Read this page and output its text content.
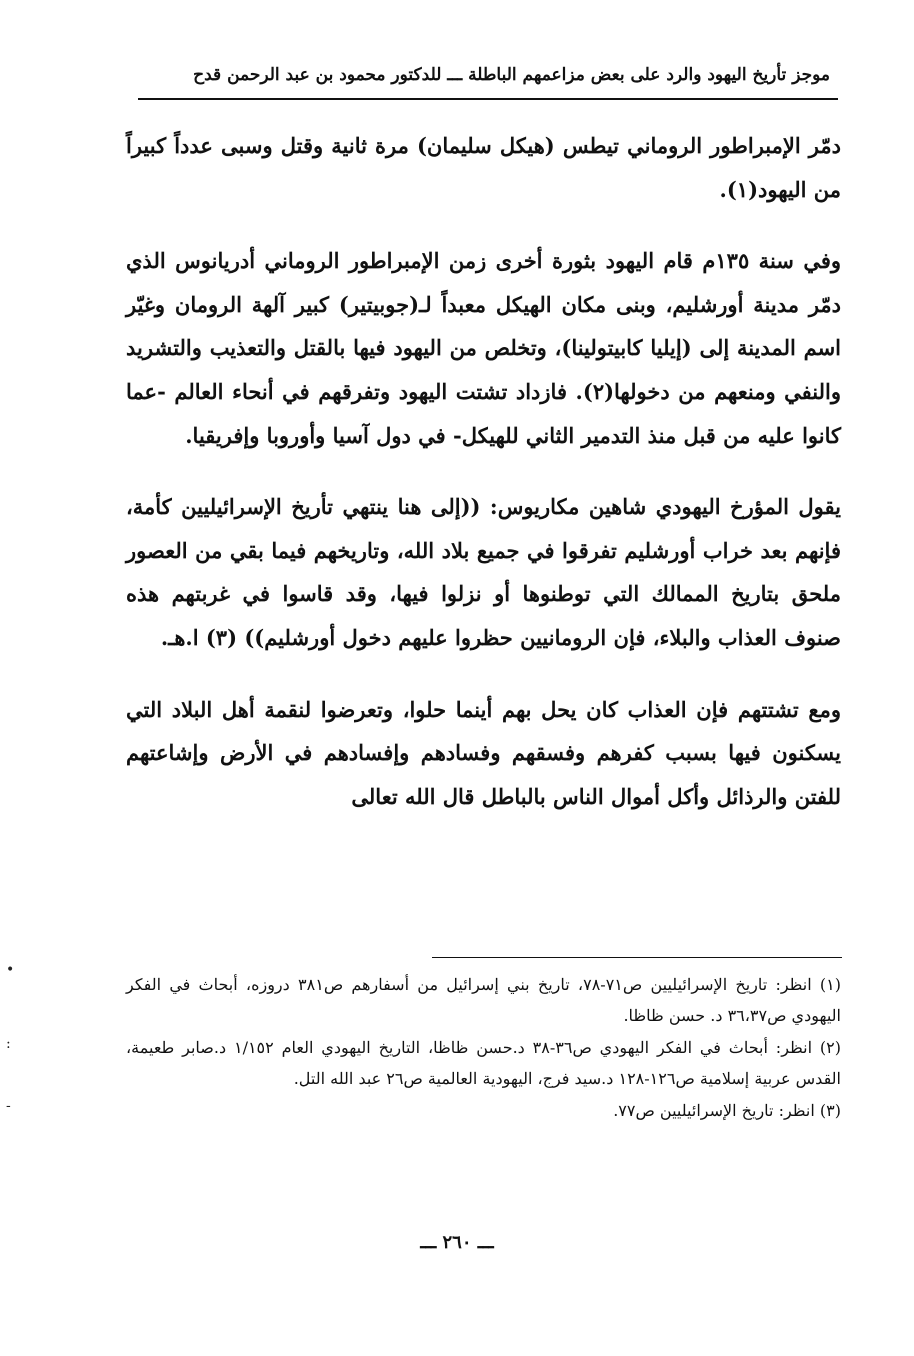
موجز تأريخ اليهود والرد على بعض مزاعمهم الباطلة ـــ للدكتور محمود بن عبد الرحمن قدح

دمّر الإمبراطور الروماني تيطس (هيكل سليمان) مرة ثانية وقتل وسبى عدداً كبيراً من اليهود(١).

وفي سنة ١٣٥م قام اليهود بثورة أخرى زمن الإمبراطور الروماني أدريانوس الذي دمّر مدينة أورشليم، وبنى مكان الهيكل معبداً لـ(جوبيتير) كبير آلهة الرومان وغيّر اسم المدينة إلى (إيليا كابيتولينا)، وتخلص من اليهود فيها بالقتل والتعذيب والتشريد والنفي ومنعهم من دخولها(٢). فازداد تشتت اليهود وتفرقهم في أنحاء العالم -عما كانوا عليه من قبل منذ التدمير الثاني للهيكل- في دول آسيا وأوروبا وإفريقيا.

يقول المؤرخ اليهودي شاهين مكاريوس: ((إلى هنا ينتهي تأريخ الإسرائيليين كأمة، فإنهم بعد خراب أورشليم تفرقوا في جميع بلاد الله، وتاريخهم فيما بقي من العصور ملحق بتاريخ الممالك التي توطنوها أو نزلوا فيها، وقد قاسوا في غربتهم هذه صنوف العذاب والبلاء، فإن الرومانيين حظروا عليهم دخول أورشليم)) (٣) ا.هـ.

ومع تشتتهم فإن العذاب كان يحل بهم أينما حلوا، وتعرضوا لنقمة أهل البلاد التي يسكنون فيها بسبب كفرهم وفسقهم وفسادهم وإفسادهم في الأرض وإشاعتهم للفتن والرذائل وأكل أموال الناس بالباطل قال الله تعالى

(١) انظر: تاريخ الإسرائيليين ص٧١-٧٨، تاريخ بني إسرائيل من أسفارهم ص٣٨١ دروزه، أبحاث في الفكر اليهودي ص٣٦،٣٧ د. حسن ظاظا.

(٢) انظر: أبحاث في الفكر اليهودي ص٣٦-٣٨ د.حسن ظاظا، التاريخ اليهودي العام ١/١٥٢ د.صابر طعيمة، القدس عربية إسلامية ص١٢٦-١٢٨ د.سيد فرج، اليهودية العالمية ص٢٦ عبد الله التل.

(٣) انظر: تاريخ الإسرائيليين ص٧٧.

ـــ ٢٦٠ ـــ
•
:
-
